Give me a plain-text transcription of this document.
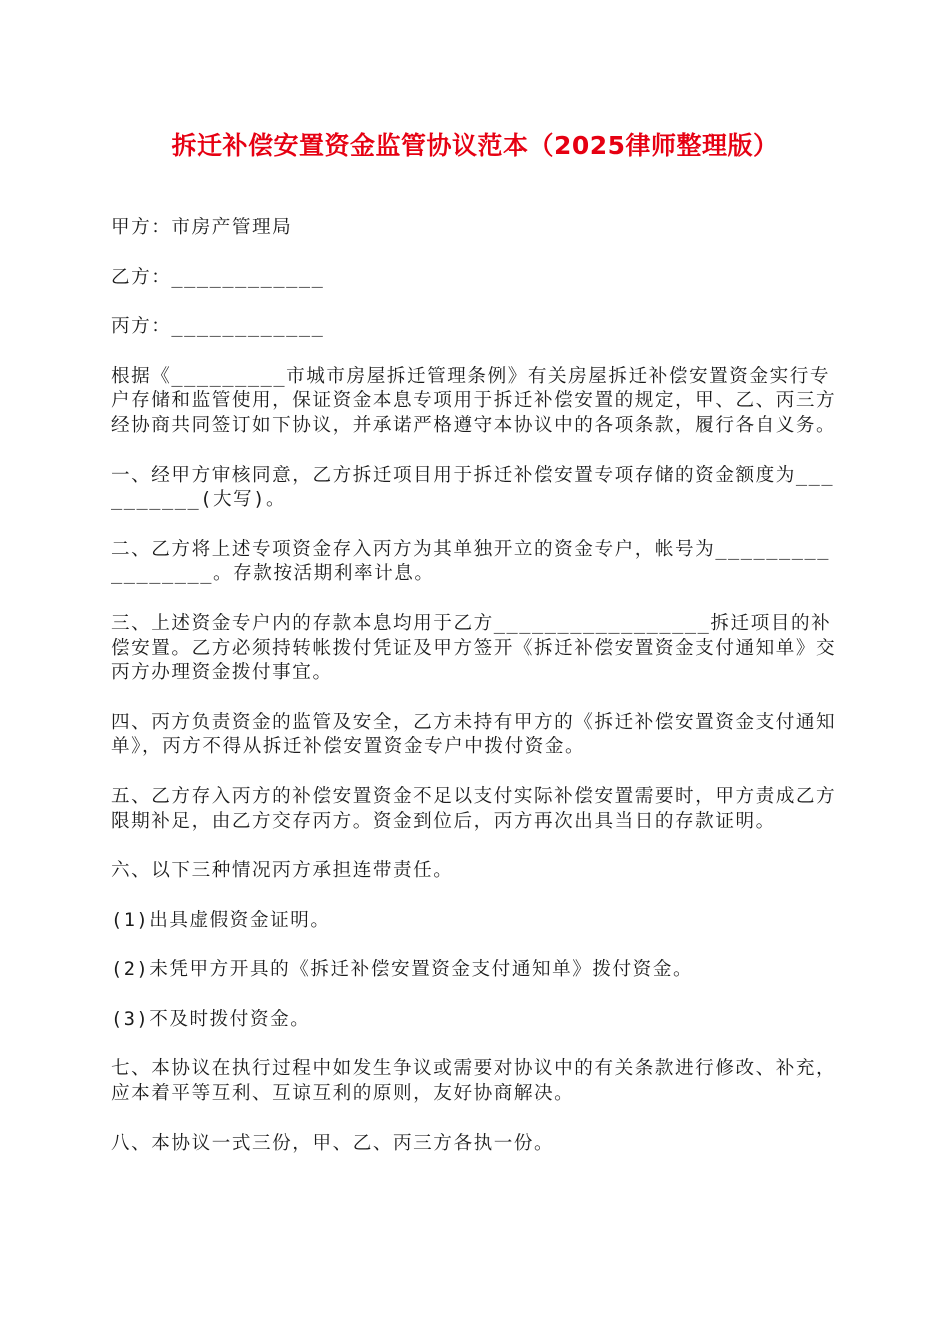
拆迁补偿安置资金监管协议范本（2025律师整理版）

甲方：市房产管理局

乙方：____________

丙方：____________

根据《_________市城市房屋拆迁管理条例》有关房屋拆迁补偿安置资金实行专户存储和监管使用，保证资金本息专项用于拆迁补偿安置的规定，甲、乙、丙三方经协商共同签订如下协议，并承诺严格遵守本协议中的各项条款，履行各自义务。

一、经甲方审核同意，乙方拆迁项目用于拆迁补偿安置专项存储的资金额度为__________(大写)。

二、乙方将上述专项资金存入丙方为其单独开立的资金专户，帐号为_________________。存款按活期利率计息。

三、上述资金专户内的存款本息均用于乙方_________________拆迁项目的补偿安置。乙方必须持转帐拨付凭证及甲方签开《拆迁补偿安置资金支付通知单》交丙方办理资金拨付事宜。

四、丙方负责资金的监管及安全，乙方未持有甲方的《拆迁补偿安置资金支付通知单》，丙方不得从拆迁补偿安置资金专户中拨付资金。

五、乙方存入丙方的补偿安置资金不足以支付实际补偿安置需要时，甲方责成乙方限期补足，由乙方交存丙方。资金到位后，丙方再次出具当日的存款证明。

六、以下三种情况丙方承担连带责任。

(1)出具虚假资金证明。

(2)未凭甲方开具的《拆迁补偿安置资金支付通知单》拨付资金。

(3)不及时拨付资金。

七、本协议在执行过程中如发生争议或需要对协议中的有关条款进行修改、补充，应本着平等互利、互谅互利的原则，友好协商解决。

八、本协议一式三份，甲、乙、丙三方各执一份。
